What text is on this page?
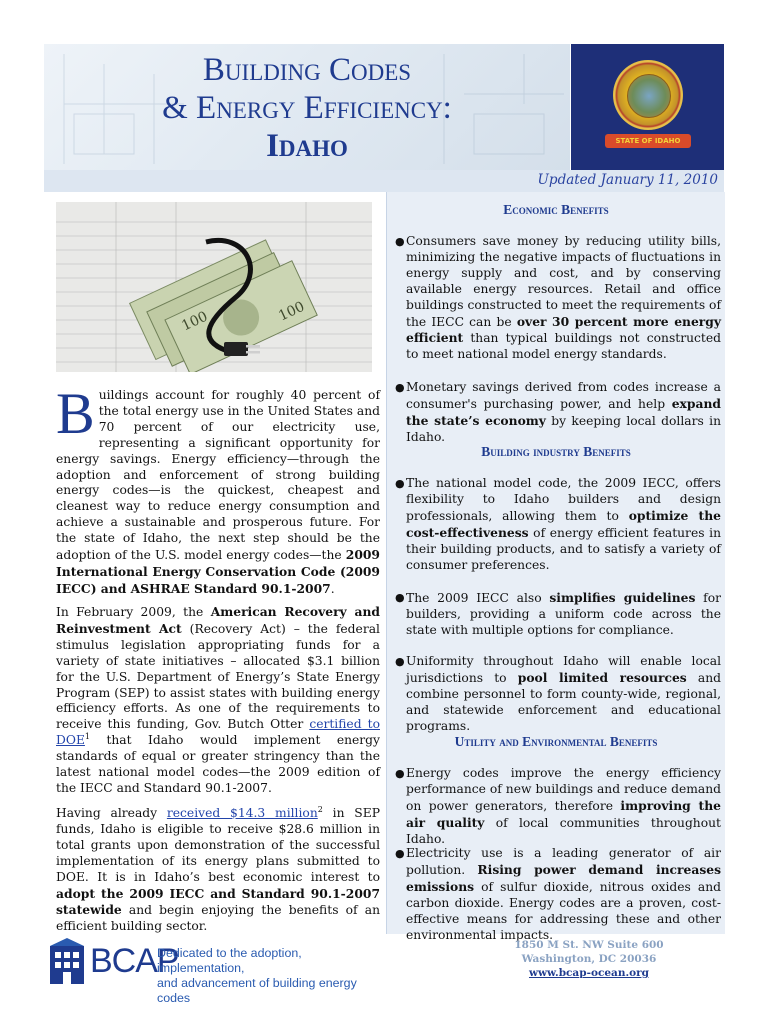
Building Codes
& Energy Efficiency:
Idaho	STATE OF IDAHO
Updated January 11, 2010
100	100
Buildings account for roughly 40 percent of the total energy use in the United States and 70 percent of our electricity use, representing a significant opportunity for energy savings. Energy efficiency—through the adoption and enforcement of strong building energy codes—is the quickest, cheapest and cleanest way to reduce energy consumption and achieve a sustainable and prosperous future. For the state of Idaho, the next step should be the adoption of the U.S. model energy codes—the 2009 International Energy Conservation Code (2009 IECC) and ASHRAE Standard 90.1-2007.
In February 2009, the American Recovery and Reinvestment Act (Recovery Act) – the federal stimulus legislation appropriating funds for a variety of state initiatives – allocated $3.1 billion for the U.S. Department of Energy’s State Energy Program (SEP) to assist states with building energy efficiency efforts. As one of the requirements to receive this funding, Gov. Butch Otter certified to DOE$^1$ that Idaho would implement energy standards of equal or greater stringency than the latest national model codes—the 2009 edition of the IECC and Standard 90.1-2007.
Having already received $14.3 million$^2$ in SEP funds, Idaho is eligible to receive $28.6 million in total grants upon demonstration of the successful implementation of its energy plans submitted to DOE. It is in Idaho’s best economic interest to adopt the 2009 IECC and Standard 90.1-2007 statewide and begin enjoying the benefits of an efficient building sector.
Economic Benefits
● Consumers save money by reducing utility bills, minimizing the negative impacts of fluctuations in energy supply and cost, and by conserving available energy resources. Retail and office buildings constructed to meet the requirements of the IECC can be over 30 percent more energy efficient than typical buildings not constructed to meet national model energy standards.
● Monetary savings derived from codes increase a consumer's purchasing power, and help expand the state’s economy by keeping local dollars in Idaho.
Building industry Benefits
● The national model code, the 2009 IECC, offers flexibility to Idaho builders and design professionals, allowing them to optimize the cost-effectiveness of energy efficient features in their building products, and to satisfy a variety of consumer preferences.
● The 2009 IECC also simplifies guidelines for builders, providing a uniform code across the state with multiple options for compliance.
● Uniformity throughout Idaho will enable local jurisdictions to pool limited resources and combine personnel to form county-wide, regional, and statewide enforcement and educational programs.
Utility and Environmental Benefits
● Energy codes improve the energy efficiency performance of new buildings and reduce demand on power generators, therefore improving the air quality of local communities throughout Idaho.
● Electricity use is a leading generator of air pollution. Rising power demand increases emissions of sulfur dioxide, nitrous oxides and carbon dioxide. Energy codes are a proven, cost-effective means for addressing these and other environmental impacts.
BCAP
Dedicated to the adoption, implementation,
and advancement of building energy codes
1850 M St. NW Suite 600
Washington, DC 20036
www.bcap-ocean.org
